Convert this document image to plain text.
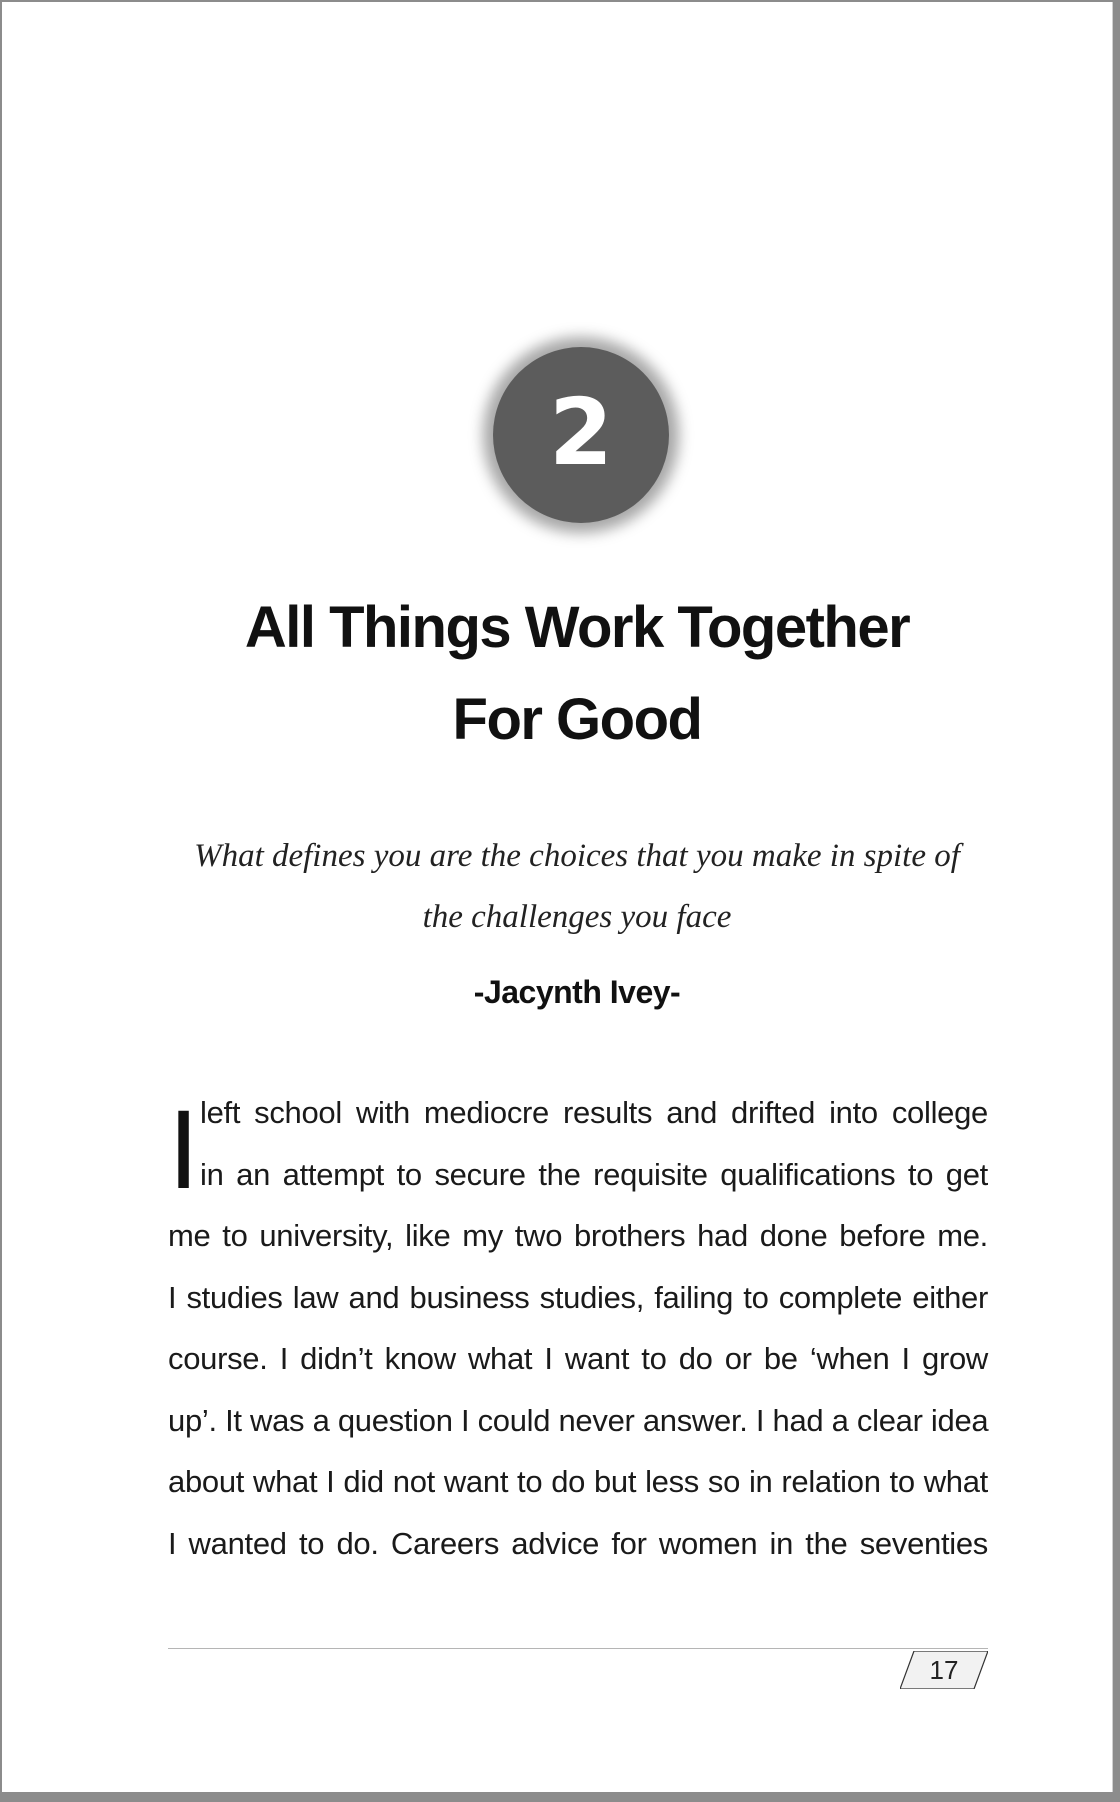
2
All Things Work Together
For Good

What defines you are the choices that you make in spite of

the challenges you face

-Jacynth Ivey-
I left school with mediocre results and drifted into college
in an attempt to secure the requisite qualifications to get
me to university, like my two brothers had done before me.
I studies law and business studies, failing to complete either
course. I didn’t know what I want to do or be ‘when I grow
up’. It was a question I could never answer. I had a clear idea
about what I did not want to do but less so in relation to what
I wanted to do. Careers advice for women in the seventies
17
